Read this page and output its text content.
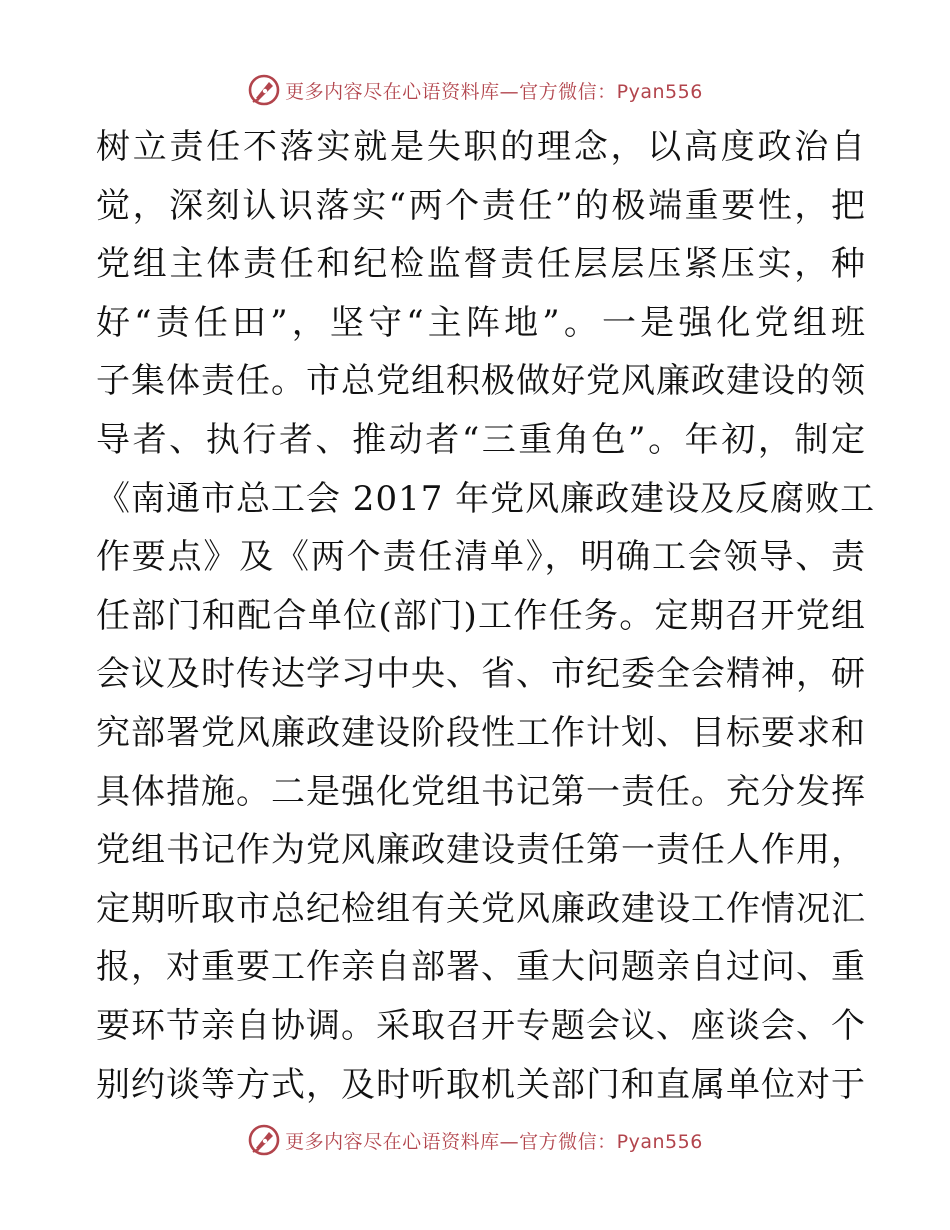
更多内容尽在心语资料库—官方微信：Pyan556
树立责任不落实就是失职的理念，以高度政治自
觉，深刻认识落实“两个责任”的极端重要性，把
党组主体责任和纪检监督责任层层压紧压实，种
好“责任田”，坚守“主阵地”。一是强化党组班
子集体责任。市总党组积极做好党风廉政建设的领
导者、执行者、推动者“三重角色”。年初，制定
《南通市总工会 2017 年党风廉政建设及反腐败工
作要点》及《两个责任清单》，明确工会领导、责
任部门和配合单位(部门)工作任务。定期召开党组
会议及时传达学习中央、省、市纪委全会精神，研
究部署党风廉政建设阶段性工作计划、目标要求和
具体措施。二是强化党组书记第一责任。充分发挥
党组书记作为党风廉政建设责任第一责任人作用，
定期听取市总纪检组有关党风廉政建设工作情况汇
报，对重要工作亲自部署、重大问题亲自过问、重
要环节亲自协调。采取召开专题会议、座谈会、个
别约谈等方式，及时听取机关部门和直属单位对于
更多内容尽在心语资料库—官方微信：Pyan556
